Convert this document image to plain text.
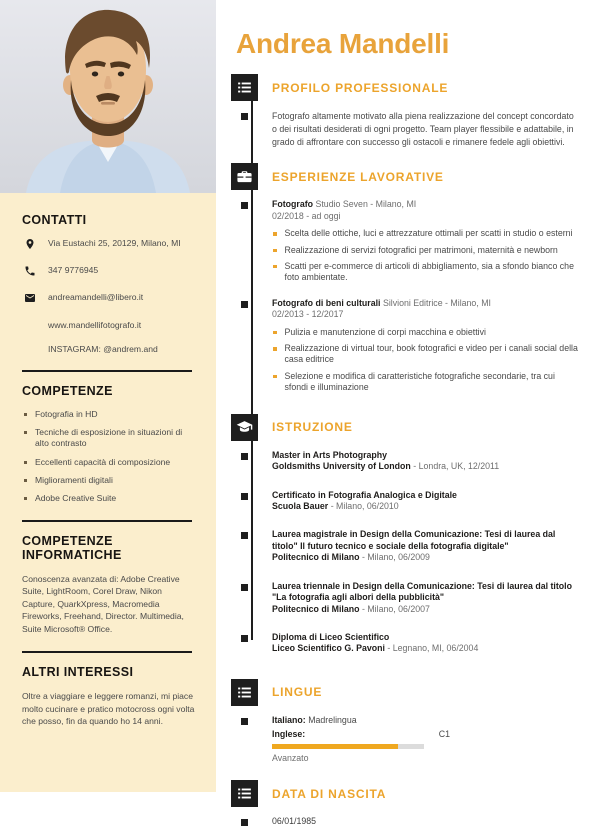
CONTATTI
Via Eustachi 25, 20129, Milano, MI
347 9776945
andreamandelli@libero.it
www.mandellifotografo.it
INSTAGRAM: @andrem.and
COMPETENZE
Fotografia in HD
Tecniche di esposizione in situazioni di alto contrasto
Eccellenti capacità di composizione
Miglioramenti digitali
Adobe Creative Suite
COMPETENZE INFORMATICHE

Conoscenza avanzata di: Adobe Creative Suite, LightRoom, Corel Draw, Nikon Capture, QuarkXpress, Macromedia Fireworks, Freehand, Director. Multimedia, Suite Microsoft® Office.

ALTRI INTERESSI

Oltre a viaggiare e leggere romanzi, mi piace molto cucinare e pratico motocross ogni volta che posso, fin da quando ho 14 anni.

Andrea Mandelli
PROFILO PROFESSIONALE
Fotografo altamente motivato alla piena realizzazione del concept concordato o dei risultati desiderati di ogni progetto. Team player flessibile e adattabile, in grado di affrontare con successo gli ostacoli e rimanere fedele agli obiettivi.
ESPERIENZE LAVORATIVE
Fotografo Studio Seven - Milano, MI
02/2018 - ad oggi
Scelta delle ottiche, luci e attrezzature ottimali per scatti in studio o esterni
Realizzazione di servizi fotografici per matrimoni, maternità e newborn
Scatti per e-commerce di articoli di abbigliamento, sia a sfondo bianco che foto ambientate.
Fotografo di beni culturali Silvioni Editrice - Milano, MI
02/2013 - 12/2017
Pulizia e manutenzione di corpi macchina e obiettivi
Realizzazione di virtual tour, book fotografici e video per i canali social della casa editrice
Selezione e modifica di caratteristiche fotografiche secondarie, tra cui sfondi e illuminazione
ISTRUZIONE
Master in Arts Photography
Goldsmiths University of London - Londra, UK, 12/2011
Certificato in Fotografia Analogica e Digitale
Scuola Bauer - Milano, 06/2010
Laurea magistrale in Design della Comunicazione: Tesi di laurea dal titolo" Il futuro tecnico e sociale della fotografia digitale"
Politecnico di Milano - Milano, 06/2009
Laurea triennale in Design della Comunicazione: Tesi di laurea dal titolo "La fotografia agli albori della pubblicità"
Politecnico di Milano - Milano, 06/2007
Diploma di Liceo Scientifico
Liceo Scientifico G. Pavoni - Legnano, MI, 06/2004
LINGUE
Italiano: Madrelingua
Inglese:	C1
Avanzato
DATA DI NASCITA
06/01/1985
